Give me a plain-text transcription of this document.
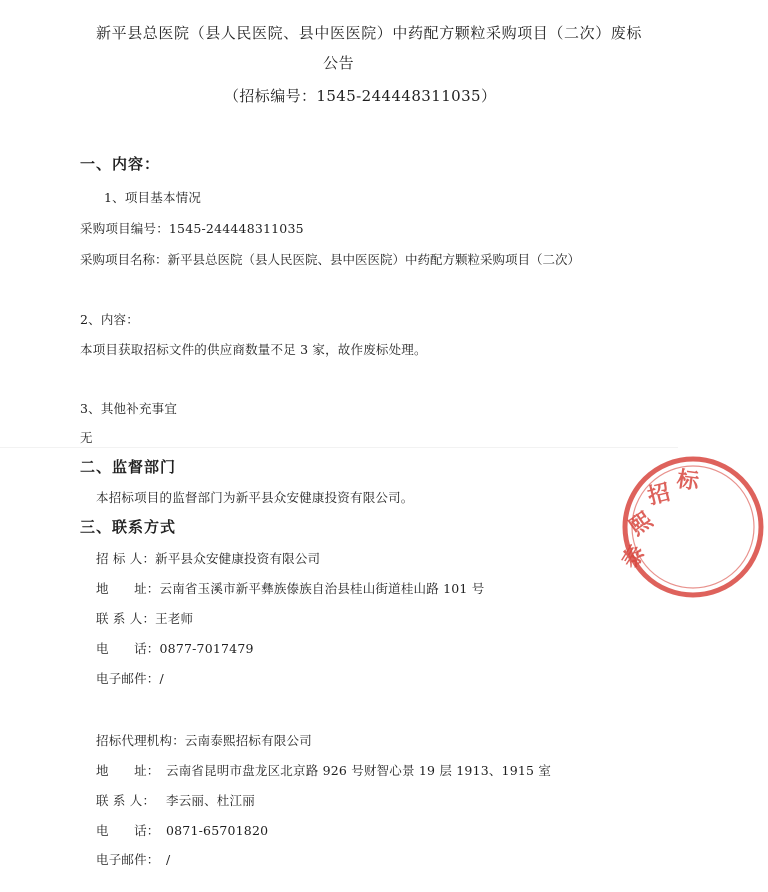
新平县总医院（县人民医院、县中医医院）中药配方颗粒采购项目（二次）废标
公告
（招标编号：1545-244448311035）
一、内容：
1、项目基本情况
采购项目编号：1545-244448311035
采购项目名称：新平县总医院（县人民医院、县中医医院）中药配方颗粒采购项目（二次）
2、内容：
本项目获取招标文件的供应商数量不足 3 家，故作废标处理。
3、其他补充事宜
无
二、监督部门
本招标项目的监督部门为新平县众安健康投资有限公司。
三、联系方式
招 标 人：新平县众安健康投资有限公司
地　　址：云南省玉溪市新平彝族傣族自治县桂山街道桂山路 101 号
联 系 人：王老师
电　　话：0877-7017479
电子邮件：/
招标代理机构：云南泰熙招标有限公司
地　　址： 云南省昆明市盘龙区北京路 926 号财智心景 19 层 1913、1915 室
联 系 人： 李云丽、杜江丽
电　　话： 0871-65701820
电子邮件： /
泰
熙
招 标
